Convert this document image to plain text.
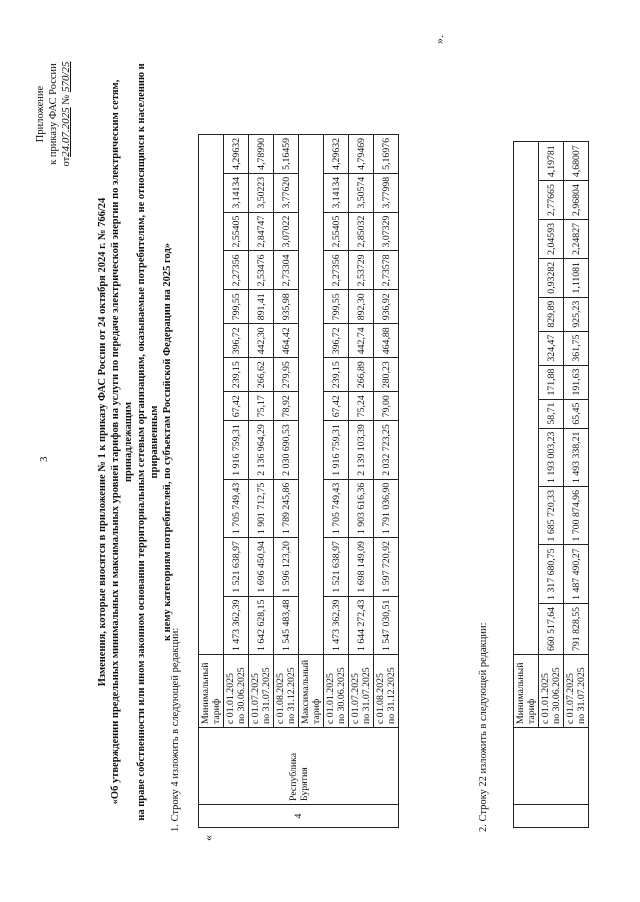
3
Приложение к приказу ФАС России от24.07.2025 № 570/25
Изменения, которые вносятся в приложение № 1 к приказу ФАС России от 24 октября 2024 г. № 766/24 «Об утверждении предельных минимальных и максимальных уровней тарифов на услуги по передаче электрической энергии по электрическим сетям, принадлежащим на праве собственности или ином законном основании территориальным сетевым организациям, оказываемые потребителям, не относящимся к населению и приравненным к нему категориям потребителей, по субъектам Российской Федерации на 2025 год»
1. Строку 4 изложить в следующей редакции:
«	4	Республика Бурятия	Минимальный тариф												
			с 01.01.2025
по 30.06.2025	1 473 362,39	1 521 638,97	1 705 749,43	1 916 759,31	67,42	239,15	396,72	799,55	2,27356	2,55405	3,14134	4,29632
			с 01.07.2025
по 31.07.2025	1 642 628,15	1 696 450,94	1 901 712,75	2 136 964,29	75,17	266,62	442,30	891,41	2,53476	2,84747	3,50223	4,78990
			с 01.08.2025
по 31.12.2025	1 545 483,48	1 596 123,20	1 789 245,86	2 030 690,53	78,92	279,95	464,42	935,98	2,73304	3,07022	3,77620	5,16459
			Максимальный тариф												
			с 01.01.2025
по 30.06.2025	1 473 362,39	1 521 638,97	1 705 749,43	1 916 759,31	67,42	239,15	396,72	799,55	2,27356	2,55405	3,14134	4,29632
			с 01.07.2025
по 31.07.2025	1 644 272,43	1 698 149,09	1 903 616,36	2 139 103,39	75,24	266,89	442,74	892,30	2,53729	2,85032	3,50574	4,79469
			с 01.08.2025
по 31.12.2025	1 547 030,51	1 597 720,92	1 791 036,90	2 032 723,25	79,00	280,23	464,88	936,92	2,73578	3,07329	3,77998	5,16976
».
2. Строку 22 изложить в следующей редакции:
				Минимальный тариф												
			с 01.01.2025
по 30.06.2025	660 517,64	1 317 680,75	1 685 720,33	1 193 003,23	58,71	171,88	324,47	829,89	0,93282	2,04593	2,77665	4,19781
			с 01.07.2025
по 31.07.2025	791 828,55	1 487 490,27	1 700 874,96	1 493 338,21	65,45	191,63	361,75	925,23	1,11081	2,24827	2,96804	4,68007
